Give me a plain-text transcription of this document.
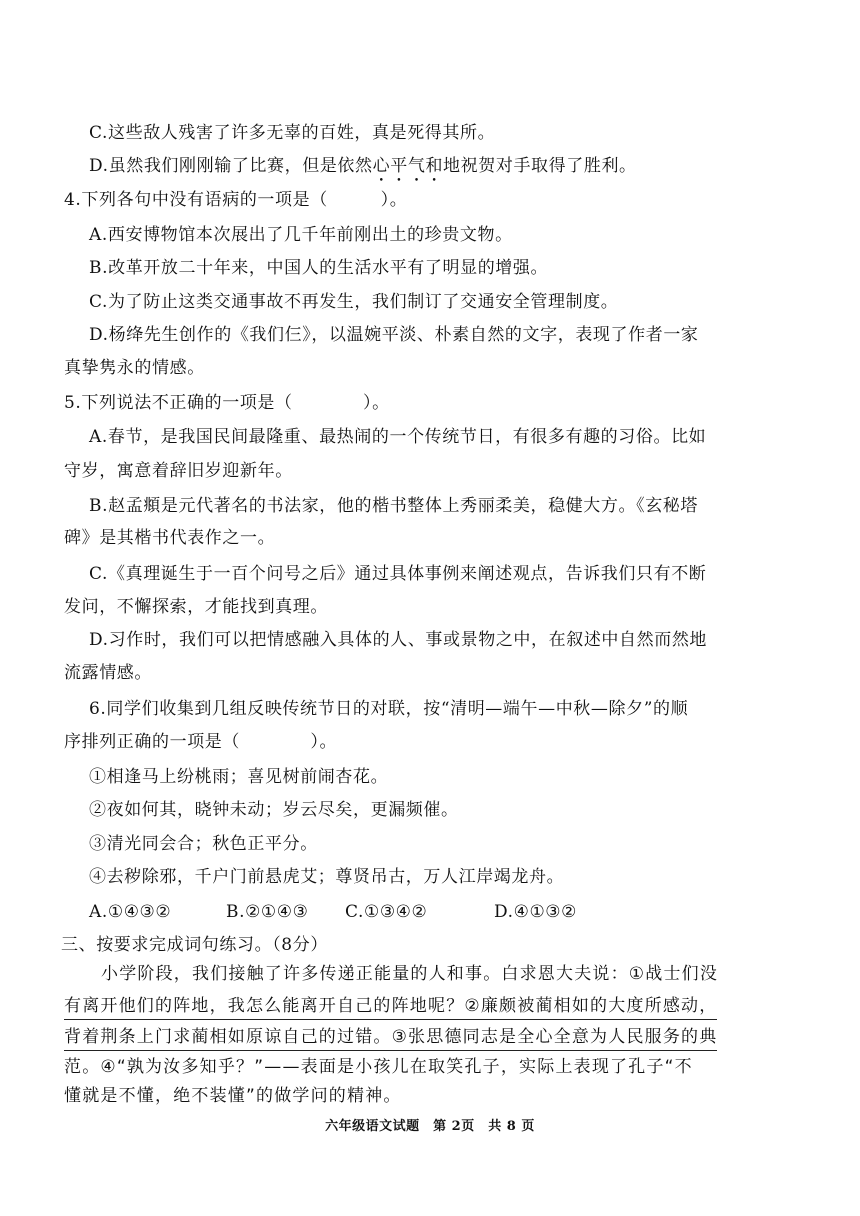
C.这些敌人残害了许多无辜的百姓，真是死得其所。
D.虽然我们刚刚输了比赛，但是依然心平气和地祝贺对手取得了胜利。
4.下列各句中没有语病的一项是（　　　）。
A.西安博物馆本次展出了几千年前刚出土的珍贵文物。
B.改革开放二十年来，中国人的生活水平有了明显的增强。
C.为了防止这类交通事故不再发生，我们制订了交通安全管理制度。
D.杨绛先生创作的《我们仨》，以温婉平淡、朴素自然的文字，表现了作者一家
真挚隽永的情感。
5.下列说法不正确的一项是（　　　　）。
A.春节，是我国民间最隆重、最热闹的一个传统节日，有很多有趣的习俗。比如
守岁，寓意着辞旧岁迎新年。
B.赵孟頫是元代著名的书法家，他的楷书整体上秀丽柔美，稳健大方。《玄秘塔
碑》是其楷书代表作之一。
C.《真理诞生于一百个问号之后》通过具体事例来阐述观点，告诉我们只有不断
发问，不懈探索，才能找到真理。
D.习作时，我们可以把情感融入具体的人、事或景物之中，在叙述中自然而然地
流露情感。
6.同学们收集到几组反映传统节日的对联，按“清明—端午—中秋—除夕”的顺
序排列正确的一项是（　　　　）。
①相逢马上纷桃雨；喜见树前闹杏花。
②夜如何其，晓钟未动；岁云尽矣，更漏频催。
③清光同会合；秋色正平分。
④去秽除邪，千户门前悬虎艾；尊贤吊古，万人江岸竭龙舟。
A.①④③②	B.②①④③ C.①③④②	D.④①③②
三、按要求完成词句练习。（8分）
小学阶段，我们接触了许多传递正能量的人和事。白求恩大夫说：①战士们没
有离开他们的阵地，我怎么能离开自己的阵地呢？②廉颇被蔺相如的大度所感动，
背着荆条上门求蔺相如原谅自己的过错。③张思德同志是全心全意为人民服务的典
范。④“孰为汝多知乎？”——表面是小孩儿在取笑孔子，实际上表现了孔子“不
懂就是不懂，绝不装懂”的做学问的精神。
六年级语文试题　第 2页　共 8 页
